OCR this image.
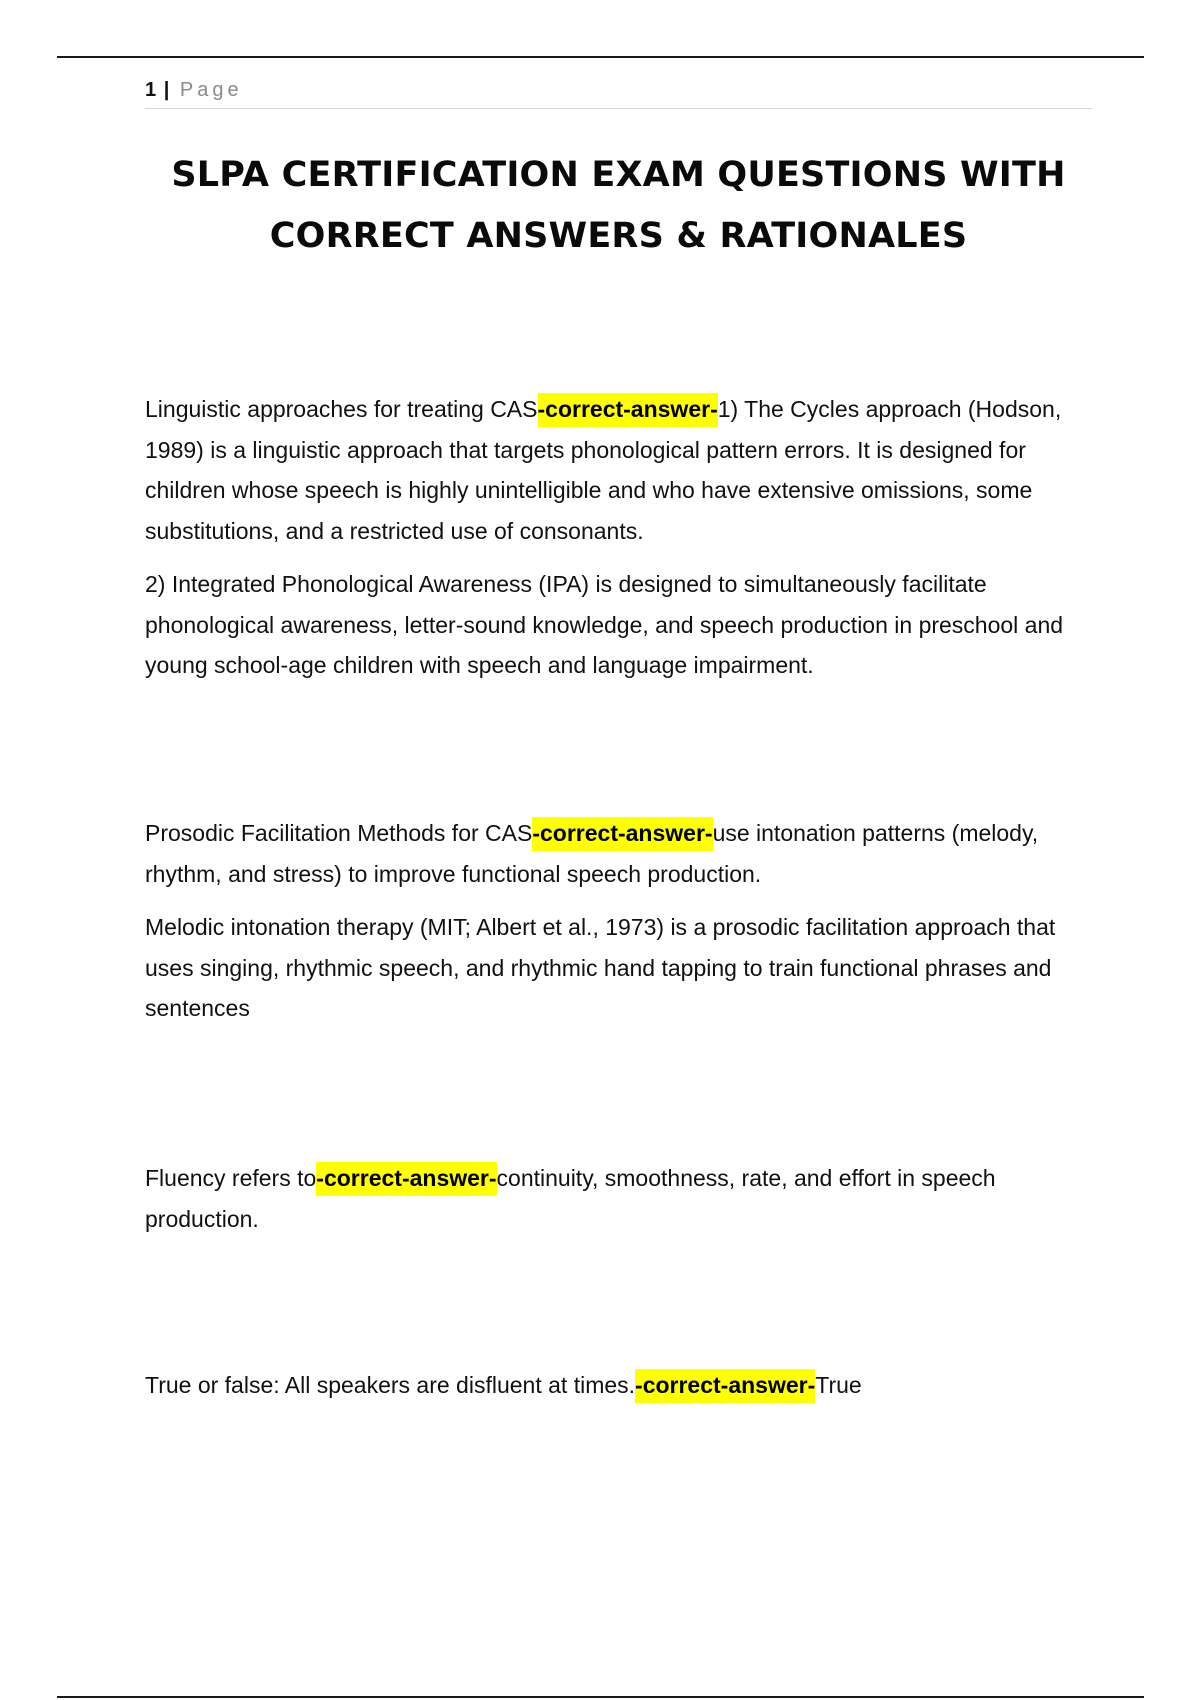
1 | Page
SLPA CERTIFICATION EXAM QUESTIONS WITH
CORRECT ANSWERS & RATIONALES

Linguistic approaches for treating CAS-correct-answer-1) The Cycles approach (Hodson, 1989) is a linguistic approach that targets phonological pattern errors. It is designed for children whose speech is highly unintelligible and who have extensive omissions, some substitutions, and a restricted use of consonants.

2) Integrated Phonological Awareness (IPA) is designed to simultaneously facilitate phonological awareness, letter-sound knowledge, and speech production in preschool and young school-age children with speech and language impairment.

Prosodic Facilitation Methods for CAS-correct-answer-use intonation patterns (melody, rhythm, and stress) to improve functional speech production.

Melodic intonation therapy (MIT; Albert et al., 1973) is a prosodic facilitation approach that uses singing, rhythmic speech, and rhythmic hand tapping to train functional phrases and sentences

Fluency refers to-correct-answer-continuity, smoothness, rate, and effort in speech production.

True or false: All speakers are disfluent at times.-correct-answer-True
